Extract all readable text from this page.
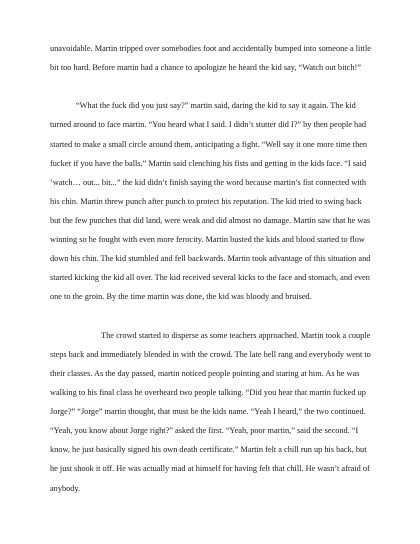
unavoidable. Martin tripped over somebodies foot and accidentally bumped into someone a little
bit too hard. Before martin had a chance to apologize he heard the kid say, “Watch out bitch!”
“What the fuck did you just say?” martin said, daring the kid to say it again. The kid
turned around to face martin. “You heard what I said. I didn’t stutter did I?” by then people had
started to make a small circle around them, anticipating a fight. “Well say it one more time then
fucker if you have the balls.” Martin said clenching his fists and getting in the kids face. “I said
‘watch… out... bit...” the kid didn’t finish saying the word because martin’s fist connected with
his chin. Martin threw punch after punch to protect his reputation. The kid tried to swing back
but the few punches that did land, were weak and did almost no damage. Martin saw that he was
winning so he fought with even more ferocity. Martin busted the kids and blood started to flow
down his chin. The kid stumbled and fell backwards. Martin took advantage of this situation and
started kicking the kid all over. The kid received several kicks to the face and stomach, and even
one to the groin. By the time martin was done, the kid was bloody and bruised.
The crowd started to disperse as some teachers approached. Martin took a couple
steps back and immediately blended in with the crowd. The late bell rang and everybody went to
their classes. As the day passed, martin noticed people pointing and staring at him. As he was
walking to his final class he overheard two people talking. “Did you hear that martin fucked up
Jorge?” “Jorge” martin thought, that must be the kids name. “Yeah I heard,” the two continued.
“Yeah, you know about Jorge right?” asked the first. “Yeah, poor martin,” said the second. “I
know, he just basically signed his own death certificate.” Martin felt a chill run up his back, but
he just shook it off. He was actually mad at himself for having felt that chill. He wasn’t afraid of
anybody.
